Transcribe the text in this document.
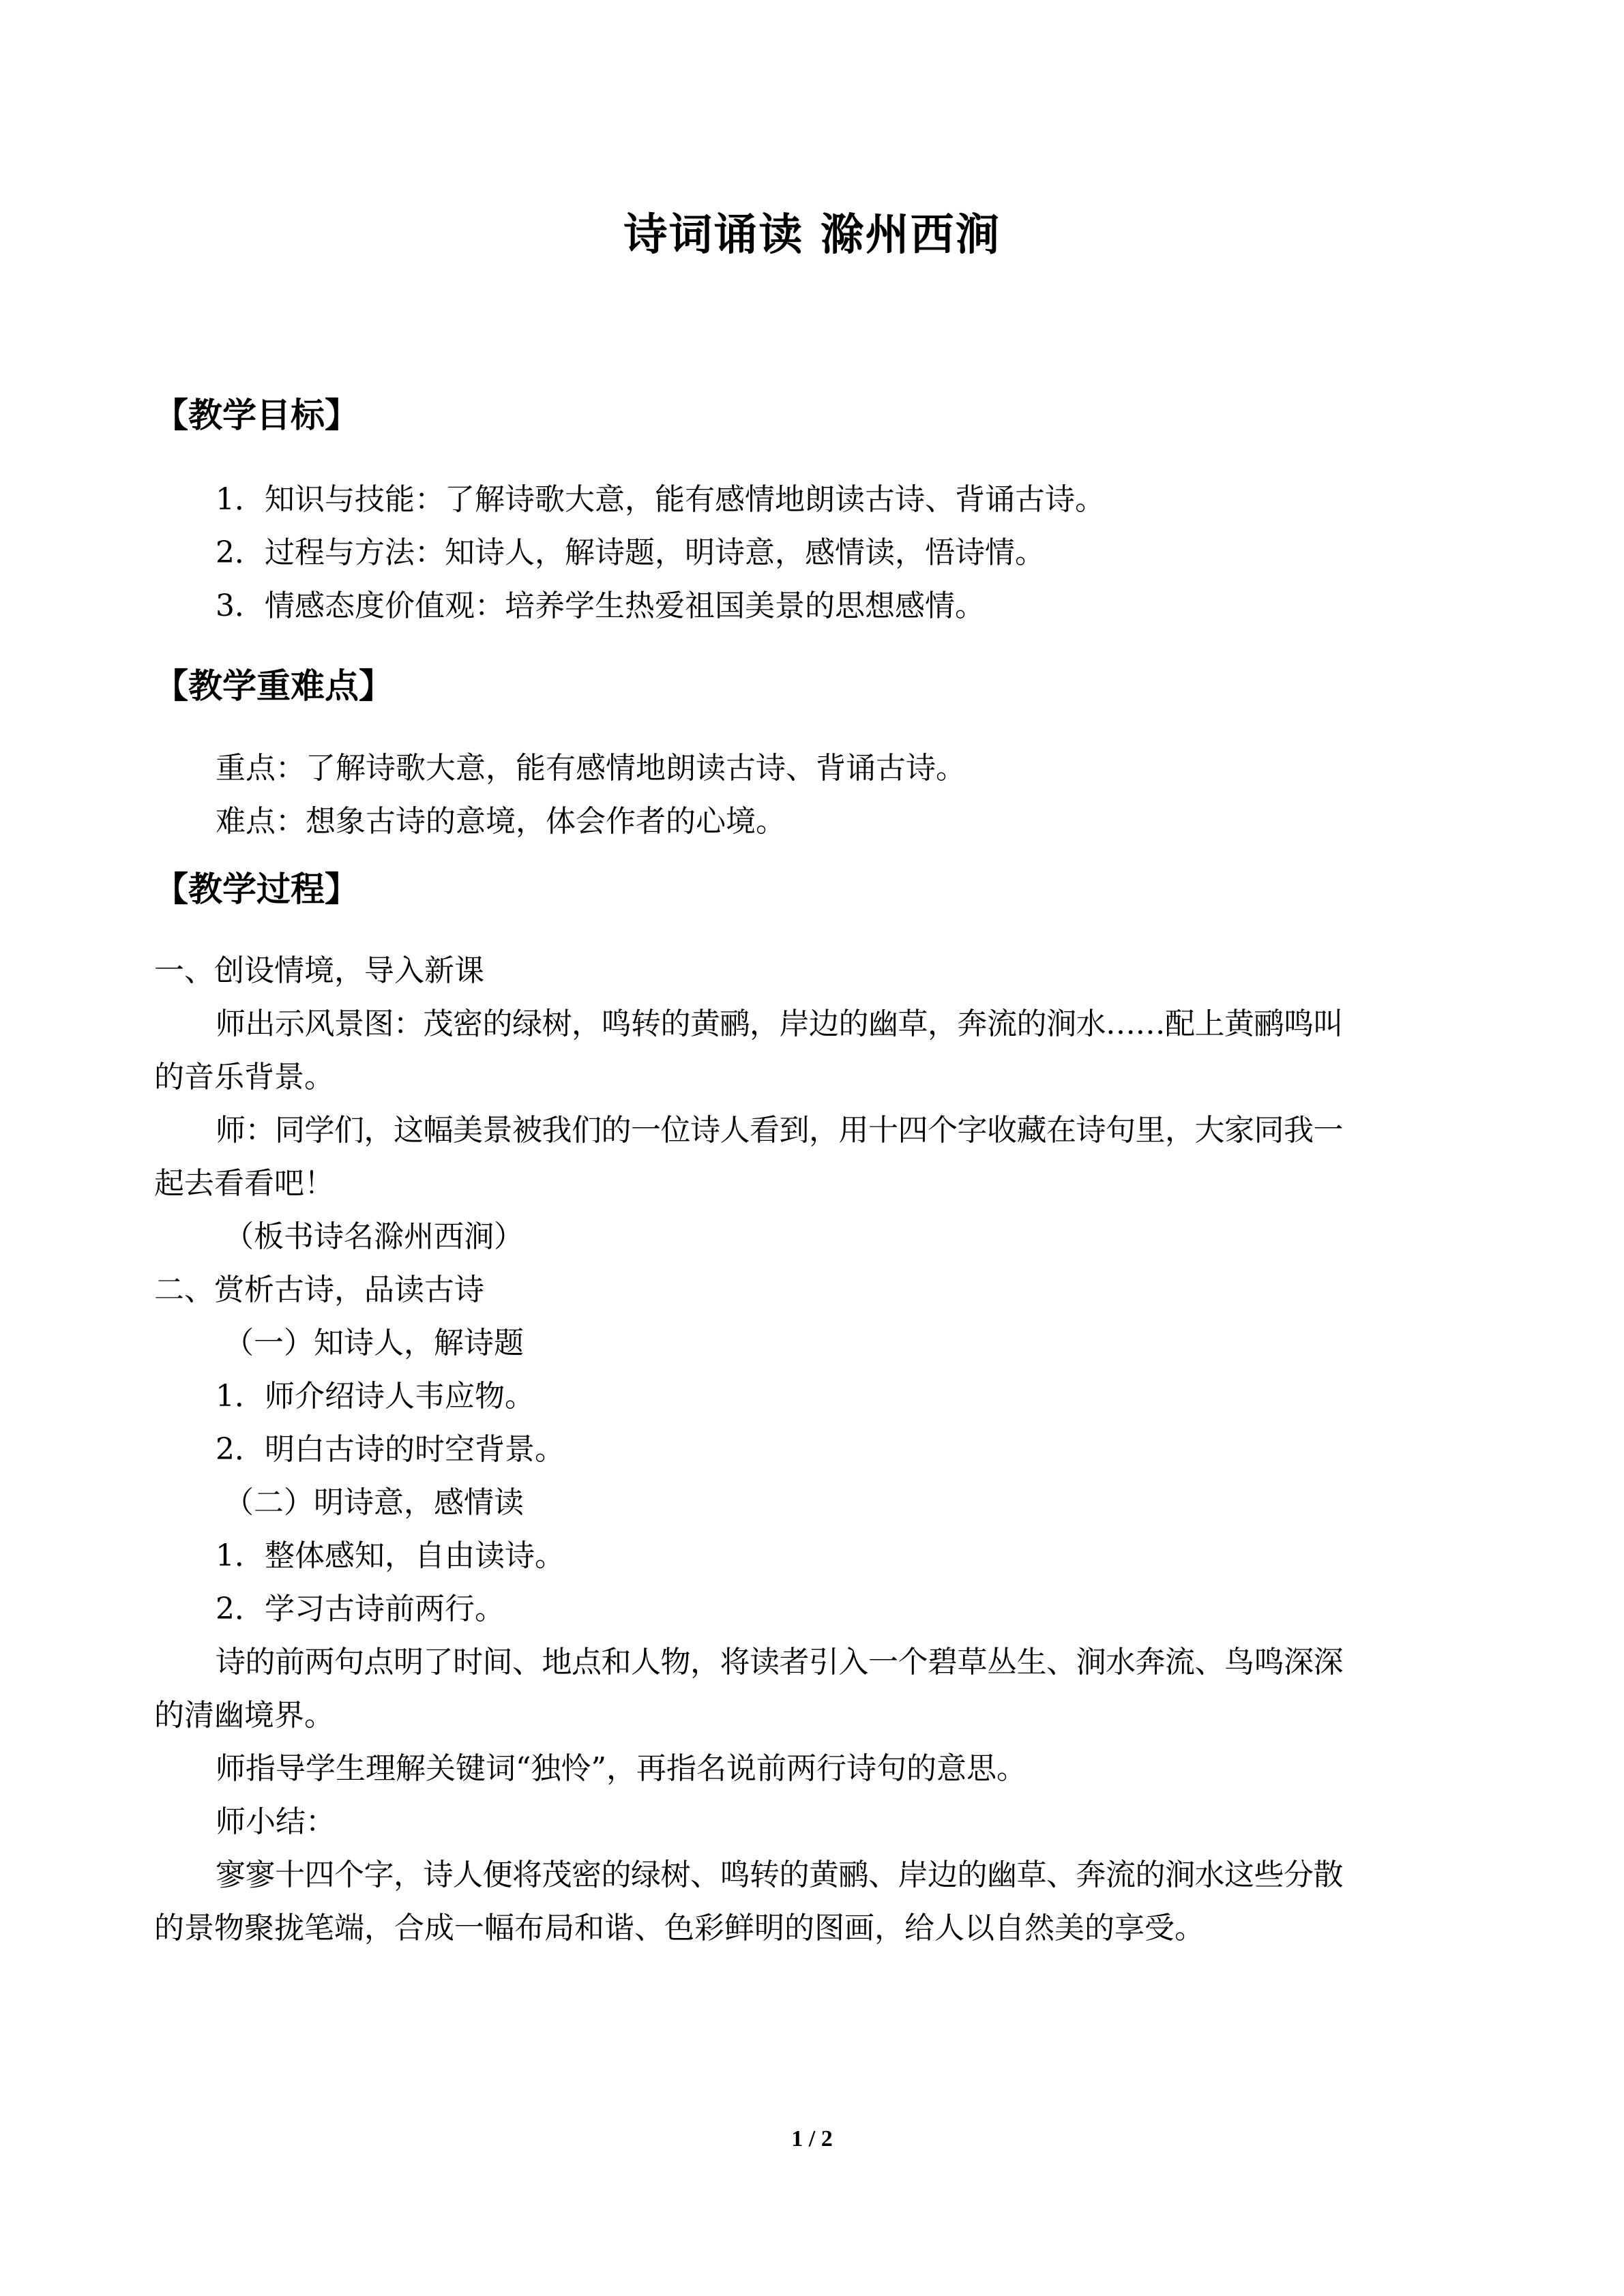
诗词诵读 滁州西涧
【教学目标】
1．知识与技能：了解诗歌大意，能有感情地朗读古诗、背诵古诗。
2．过程与方法：知诗人，解诗题，明诗意，感情读，悟诗情。
3．情感态度价值观：培养学生热爱祖国美景的思想感情。
【教学重难点】
重点：了解诗歌大意，能有感情地朗读古诗、背诵古诗。
难点：想象古诗的意境，体会作者的心境。
【教学过程】
一、创设情境，导入新课
师出示风景图：茂密的绿树，鸣转的黄鹂，岸边的幽草，奔流的涧水……配上黄鹂鸣叫
的音乐背景。
师：同学们，这幅美景被我们的一位诗人看到，用十四个字收藏在诗句里，大家同我一
起去看看吧！
（板书诗名滁州西涧）
二、赏析古诗，品读古诗
（一）知诗人，解诗题
1．师介绍诗人韦应物。
2．明白古诗的时空背景。
（二）明诗意，感情读
1．整体感知，自由读诗。
2．学习古诗前两行。
诗的前两句点明了时间、地点和人物，将读者引入一个碧草丛生、涧水奔流、鸟鸣深深
的清幽境界。
师指导学生理解关键词“独怜”，再指名说前两行诗句的意思。
师小结：
寥寥十四个字，诗人便将茂密的绿树、鸣转的黄鹂、岸边的幽草、奔流的涧水这些分散
的景物聚拢笔端，合成一幅布局和谐、色彩鲜明的图画，给人以自然美的享受。
1 / 2
